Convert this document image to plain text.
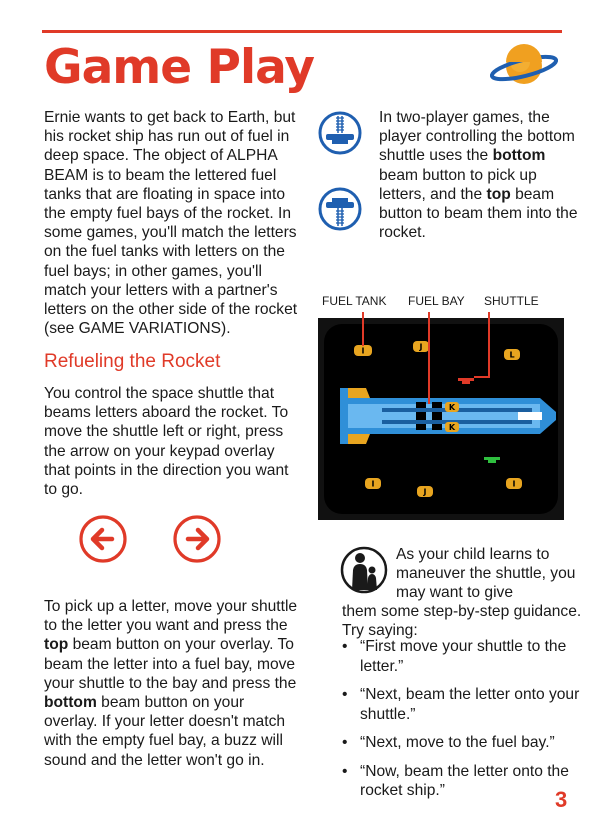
Game Play

Ernie wants to get back to Earth, but his rocket ship has run out of fuel in deep space. The object of ALPHA BEAM is to beam the lettered fuel tanks that are floating in space into the empty fuel bays of the rocket. In some games, you'll match the letters on the fuel tanks with letters on the fuel bays; in other games, you'll match your letters with a partner's letters on the other side of the rocket (see GAME VARIATIONS).

Refueling the Rocket

You control the space shuttle that beams letters aboard the rocket. To move the shuttle left or right, press the arrow on your keypad overlay that points in the direction you want to go.

To pick up a letter, move your shuttle to the letter you want and press the top beam button on your overlay. To beam the letter into a fuel bay, move your shuttle to the bay and press the bottom beam button on your overlay. If your letter doesn't match with the empty fuel bay, a buzz will sound and the letter won't go in.

In two-player games, the player controlling the bottom shuttle uses the bottom beam button to pick up letters, and the top beam button to beam them into the rocket.

FUEL TANK FUEL BAY SHUTTLE
I	J
L
I
J
I
K
K

As your child learns to maneuver the shuttle, you may want to give

them some step-by-step guidance. Try saying:

• “First move your shuttle to the letter.”
• “Next, beam the letter onto your shuttle.”
• “Next, move to the fuel bay.”
• “Now, beam the letter onto the rocket ship.”	3
